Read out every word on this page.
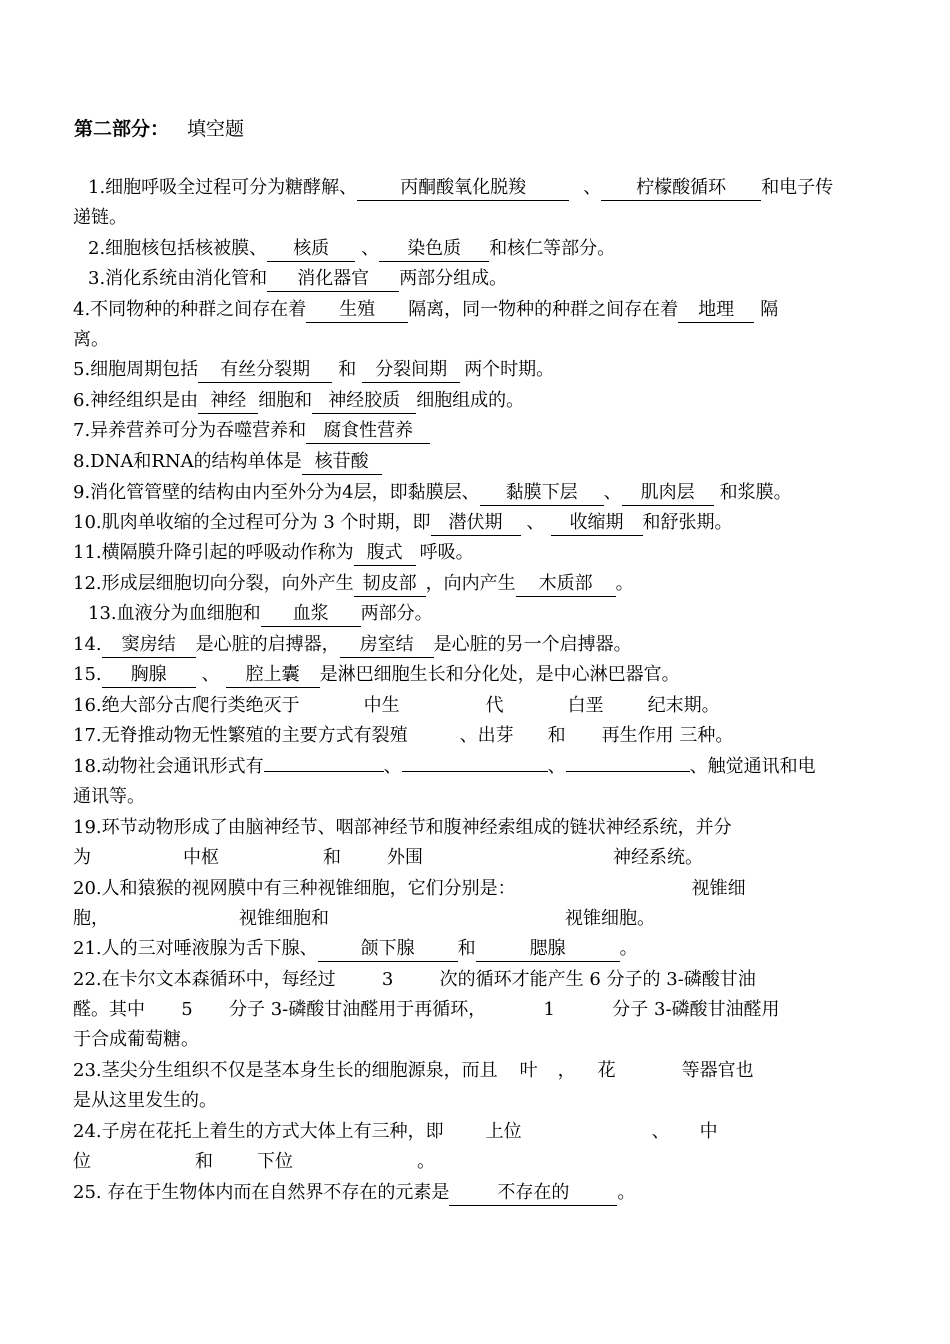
第二部分： 填空题
1.细胞呼吸全过程可分为糖酵解、 丙酮酸氧化脱羧	、 柠檬酸循环 和电子传
递链。
2.细胞核包括核被膜、 核质 、 染色质 和核仁等部分。
3.消化系统由消化管和 消化器官 两部分组成。
4.不同物种的种群之间存在着 生殖 隔离，同一物种的种群之间存在着 地理 隔
离。
5.细胞周期包括 有丝分裂期 和 分裂间期 两个时期。
6.神经组织是由 神经 细胞和 神经胶质 细胞组成的。
7.异养营养可分为吞噬营养和 腐食性营养
8.DNA和RNA的结构单体是 核苷酸
9.消化管管壁的结构由内至外分为4层，即黏膜层、 黏膜下层 、 肌肉层 和浆膜。
10.肌肉单收缩的全过程可分为 3 个时期，即 潜伏期 、 收缩期 和舒张期。
11.横隔膜升降引起的呼吸动作称为 腹式 呼吸。
12.形成层细胞切向分裂，向外产生 韧皮部 ，向内产生 木质部 。
13.血液分为血细胞和 血浆 两部分。
14. 窦房结 是心脏的启搏器， 房室结 是心脏的另一个启搏器。
15. 胸腺 、 腔上囊 是淋巴细胞生长和分化处，是中心淋巴器官。
16.绝大部分古爬行类绝灭于	中生	代	白垩 纪末期。
17.无脊推动物无性繁殖的主要方式有裂殖	、出芽 和 再生作用 三种。
18.动物社会通讯形式有	、	、	、触觉通讯和电
通讯等。
19.环节动物形成了由脑神经节、咽部神经节和腹神经索组成的链状神经系统，并分
为	中枢	和	外围	神经系统。
20.人和猿猴的视网膜中有三种视锥细胞，它们分别是：	视锥细
胞，	视锥细胞和	视锥细胞。
21.人的三对唾液腺为舌下腺、 颌下腺 和	腮腺	。
22.在卡尔文本森循环中，每经过	3	次的循环才能产生 6 分子的 3-磷酸甘油
醛。其中 5 分子 3-磷酸甘油醛用于再循环，	1	分子 3-磷酸甘油醛用
于合成葡萄糖。
23.茎尖分生组织不仅是茎本身生长的细胞源泉，而且 叶 ， 花	等器官也
是从这里发生的。
24.子房在花托上着生的方式大体上有三种，即 上位	、 中
位	和 下位	。
25. 存在于生物体内而在自然界不存在的元素是	不存在的	。
